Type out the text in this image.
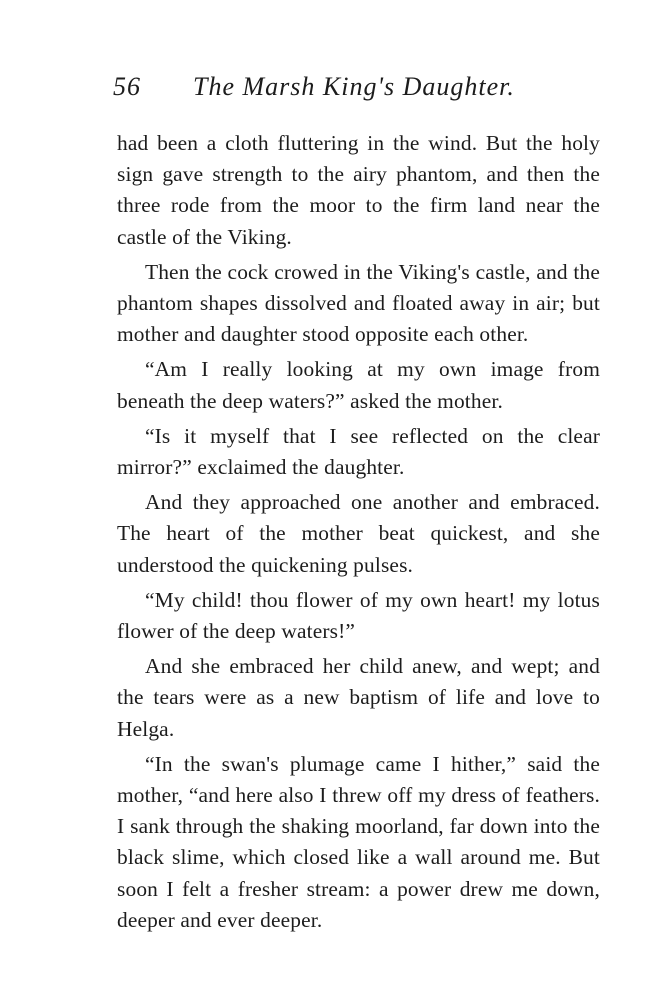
56 The Marsh King's Daughter.

had been a cloth fluttering in the wind. But the holy sign gave strength to the airy phantom, and then the three rode from the moor to the firm land near the castle of the Viking.

Then the cock crowed in the Viking's castle, and the phantom shapes dissolved and floated away in air; but mother and daughter stood opposite each other.

“Am I really looking at my own image from beneath the deep waters?” asked the mother.

“Is it myself that I see reflected on the clear mirror?” exclaimed the daughter.

And they approached one another and embraced. The heart of the mother beat quickest, and she understood the quickening pulses.

“My child! thou flower of my own heart! my lotus flower of the deep waters!”

And she embraced her child anew, and wept; and the tears were as a new baptism of life and love to Helga.

“In the swan's plumage came I hither,” said the mother, “and here also I threw off my dress of feathers. I sank through the shaking moorland, far down into the black slime, which closed like a wall around me. But soon I felt a fresher stream: a power drew me down, deeper and ever deeper.
